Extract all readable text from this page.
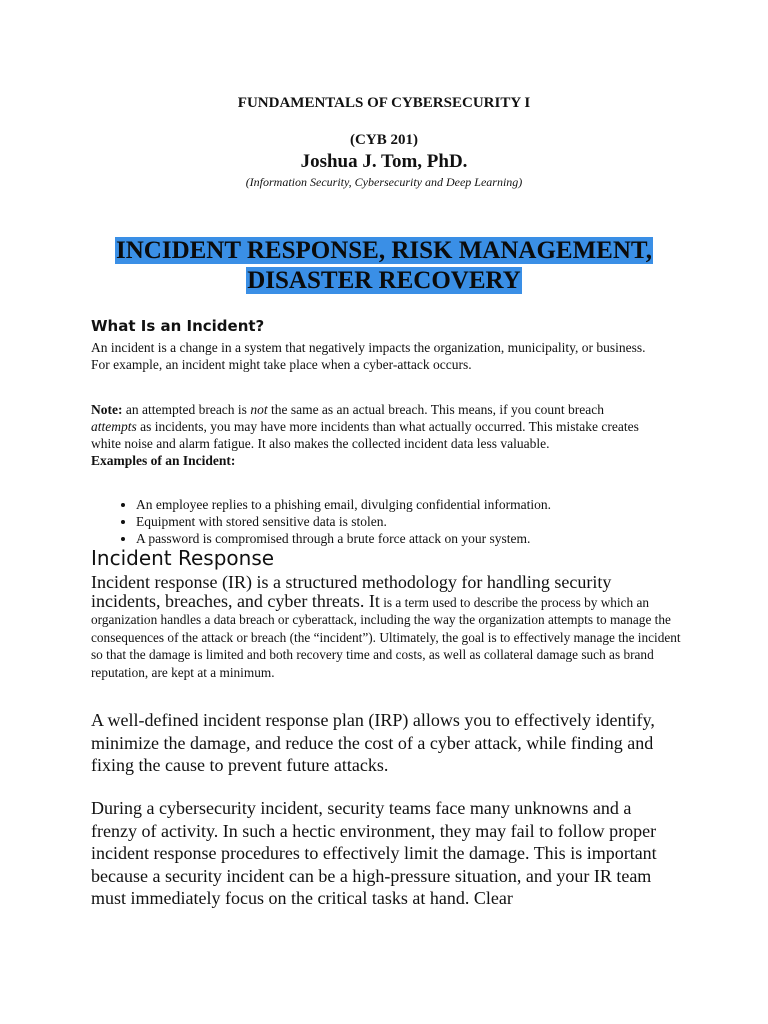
FUNDAMENTALS OF CYBERSECURITY I
(CYB 201)
Joshua J. Tom, PhD.
(Information Security, Cybersecurity and Deep Learning)
INCIDENT RESPONSE, RISK MANAGEMENT,
DISASTER RECOVERY
What Is an Incident?
An incident is a change in a system that negatively impacts the organization, municipality, or business. For example, an incident might take place when a cyber-attack occurs.
Note: an attempted breach is not the same as an actual breach. This means, if you count breach attempts as incidents, you may have more incidents than what actually occurred. This mistake creates white noise and alarm fatigue. It also makes the collected incident data less valuable.
Examples of an Incident:
• An employee replies to a phishing email, divulging confidential information.
• Equipment with stored sensitive data is stolen.
• A password is compromised through a brute force attack on your system.
Incident Response
Incident response (IR) is a structured methodology for handling security incidents, breaches, and cyber threats. It is a term used to describe the process by which an organization handles a data breach or cyberattack, including the way the organization attempts to manage the consequences of the attack or breach (the “incident”). Ultimately, the goal is to effectively manage the incident so that the damage is limited and both recovery time and costs, as well as collateral damage such as brand reputation, are kept at a minimum.
A well-defined incident response plan (IRP) allows you to effectively identify, minimize the damage, and reduce the cost of a cyber attack, while finding and fixing the cause to prevent future attacks.
During a cybersecurity incident, security teams face many unknowns and a frenzy of activity. In such a hectic environment, they may fail to follow proper incident response procedures to effectively limit the damage. This is important because a security incident can be a high-pressure situation, and your IR team must immediately focus on the critical tasks at hand. Clear
